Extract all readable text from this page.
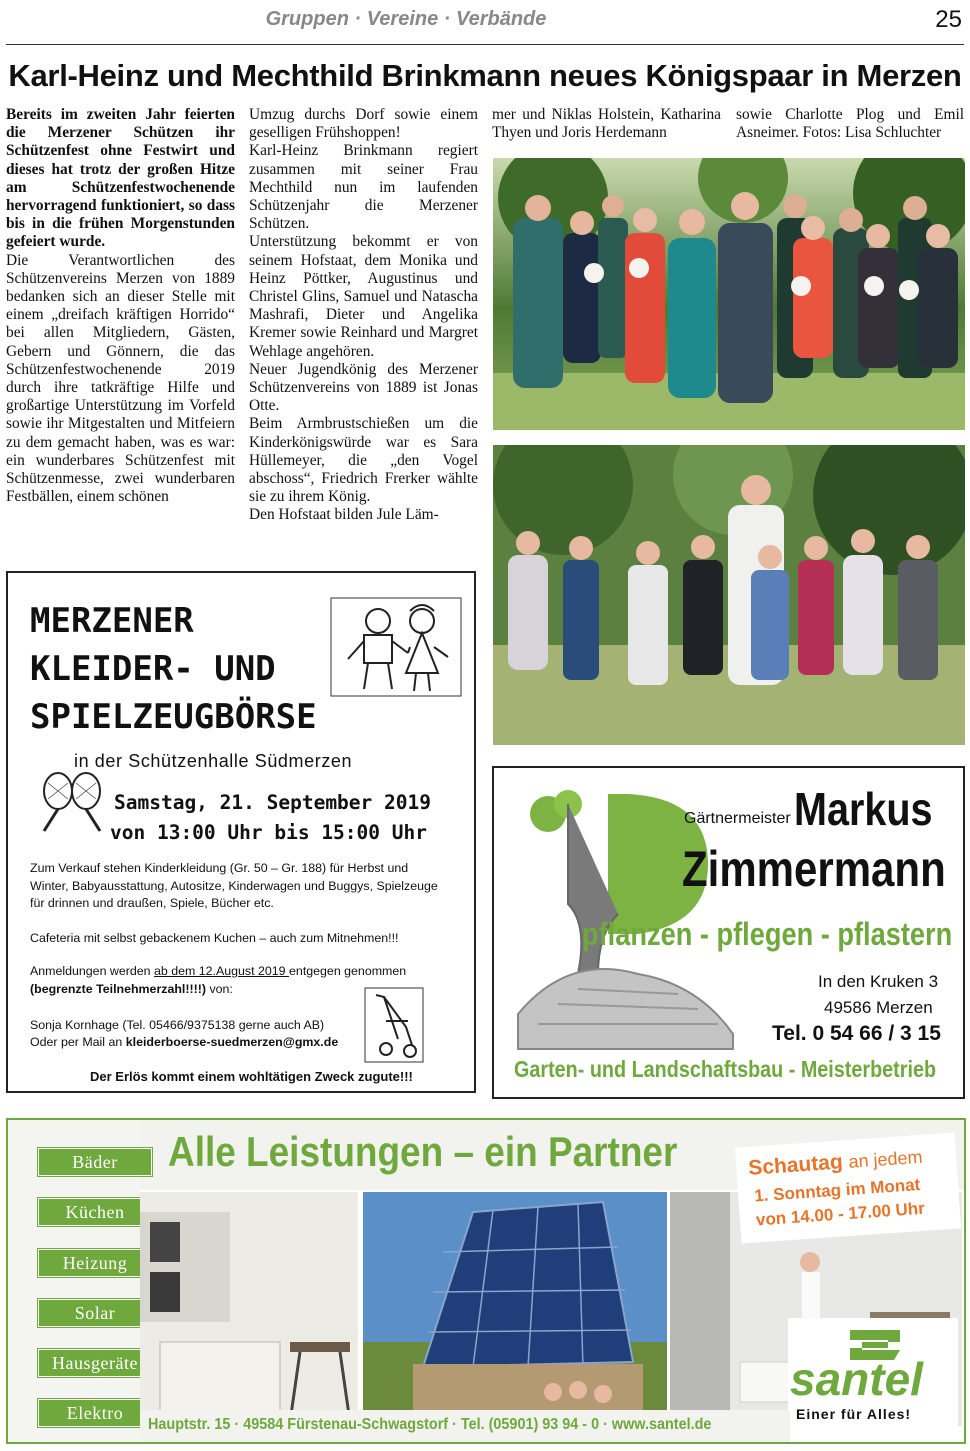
Gruppen · Vereine · Verbände	25
Karl-Heinz und Mechthild Brinkmann neues Königspaar in Merzen

Bereits im zweiten Jahr feierten die Merzener Schützen ihr Schützenfest ohne Festwirt und dieses hat trotz der großen Hitze am Schützenfestwochenende hervorragend funktioniert, so dass bis in die frühen Morgenstunden gefeiert wurde.

Die Verantwortlichen des Schützenvereins Merzen von 1889 bedanken sich an dieser Stelle mit einem „dreifach kräftigen Horrido“ bei allen Mitgliedern, Gästen, Gebern und Gönnern, die das Schützenfestwochenende 2019 durch ihre tatkräftige Hilfe und großartige Unterstützung im Vorfeld sowie ihr Mitgestalten und Mitfeiern zu dem gemacht haben, was es war: ein wunderbares Schützenfest mit Schützenmesse, zwei wunderbaren Festbällen, einem schönen

Umzug durchs Dorf sowie einem geselligen Frühshoppen!

Karl-Heinz Brinkmann regiert zusammen mit seiner Frau Mechthild nun im laufenden Schützenjahr die Merzener Schützen.

Unterstützung bekommt er von seinem Hofstaat, dem Monika und Heinz Pöttker, Augustinus und Christel Glins, Samuel und Natascha Mashrafi, Dieter und Angelika Kremer sowie Reinhard und Margret Wehlage angehören.

Neuer Jugendkönig des Merzener Schützenvereins von 1889 ist Jonas Otte.

Beim Armbrustschießen um die Kinderkönigswürde war es Sara Hüllemeyer, die „den Vogel abschoss“, Friedrich Frerker wählte sie zu ihrem König.

Den Hofstaat bilden Jule Läm-

mer und Niklas Holstein, Katharina Thyen und Joris Herdemann
sowie Charlotte Plog und Emil Asneimer. Fotos: Lisa Schluchter
MERZENER
KLEIDER- UND
SPIELZEUGBÖRSE
in der Schützenhalle Südmerzen
Samstag, 21. September 2019
von 13:00 Uhr bis 15:00 Uhr
Zum Verkauf stehen Kinderkleidung (Gr. 50 – Gr. 188) für Herbst und Winter, Babyausstattung, Autositze, Kinderwagen und Buggys, Spielzeuge für drinnen und draußen, Spiele, Bücher etc.
Cafeteria mit selbst gebackenem Kuchen – auch zum Mitnehmen!!!
Anmeldungen werden ab dem 12.August 2019 entgegen genommen
(begrenzte Teilnehmerzahl!!!!) von:
Sonja Kornhage (Tel. 05466/9375138 gerne auch AB)
Oder per Mail an kleiderboerse-suedmerzen@gmx.de
Der Erlös kommt einem wohltätigen Zweck zugute!!!
Gärtnermeister Markus
Zimmermann
pflanzen - pflegen - pflastern
In den Kruken 3
49586 Merzen
Tel. 0 54 66 / 3 15
Garten- und Landschaftsbau - Meisterbetrieb
Alle Leistungen – ein Partner
Bäder
Küchen
Heizung
Solar
Hausgeräte
Elektro
Schautag an jedem
1. Sonntag im Monat
von 14.00 - 17.00 Uhr
santel
Einer für Alles!
Hauptstr. 15 · 49584 Fürstenau-Schwagstorf · Tel. (05901) 93 94 - 0 · www.santel.de
